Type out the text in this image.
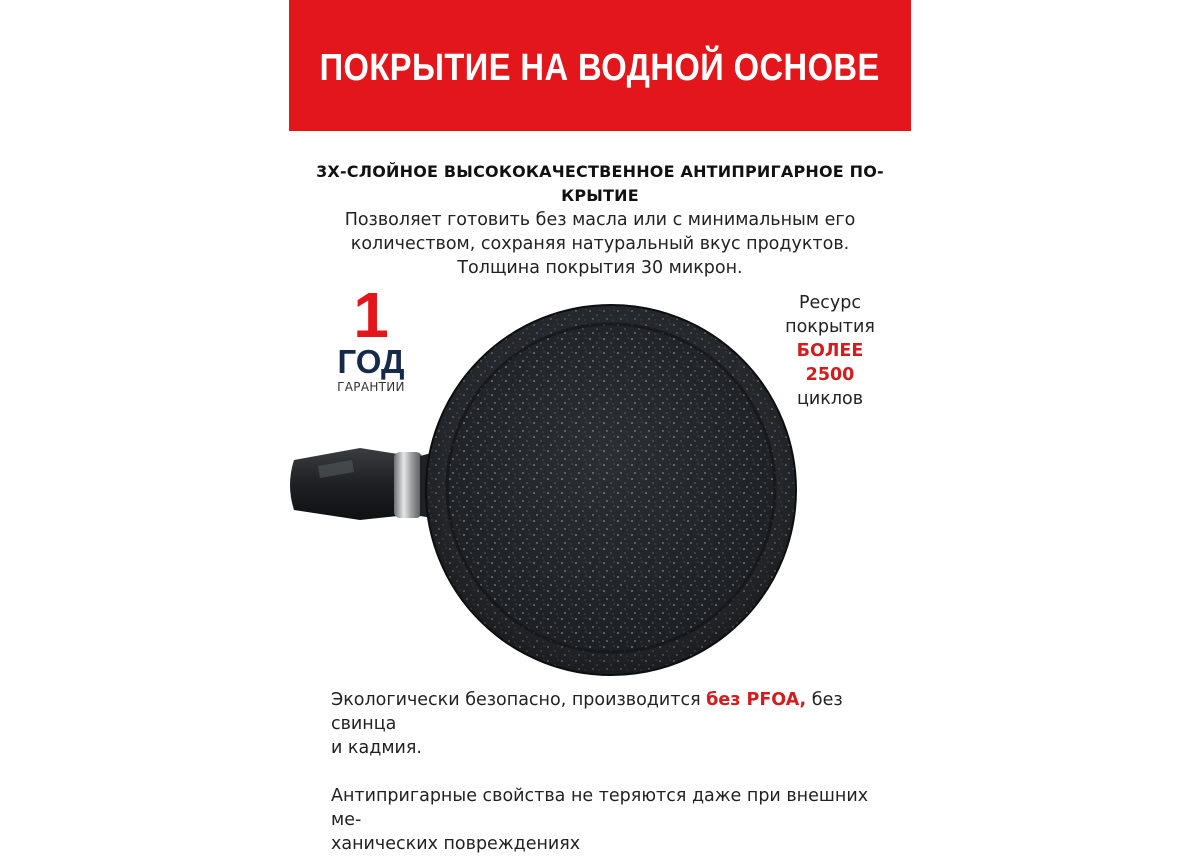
ПОКРЫТИЕ НА ВОДНОЙ ОСНОВЕ
3Х-СЛОЙНОЕ ВЫСОКОКАЧЕСТВЕННОЕ АНТИПРИГАРНОЕ ПО-
КРЫТИЕ
Позволяет готовить без масла или с минимальным его
количеством, сохраняя натуральный вкус продуктов.
Толщина покрытия 30 микрон.
1
ГОД
ГАРАНТИИ
Ресурс
покрытия
БОЛЕЕ
2500
циклов

Экологически безопасно, производится без PFOA, без свинца
и кадмия.

Антипригарные свойства не теряются даже при внешних ме-
ханических повреждениях
